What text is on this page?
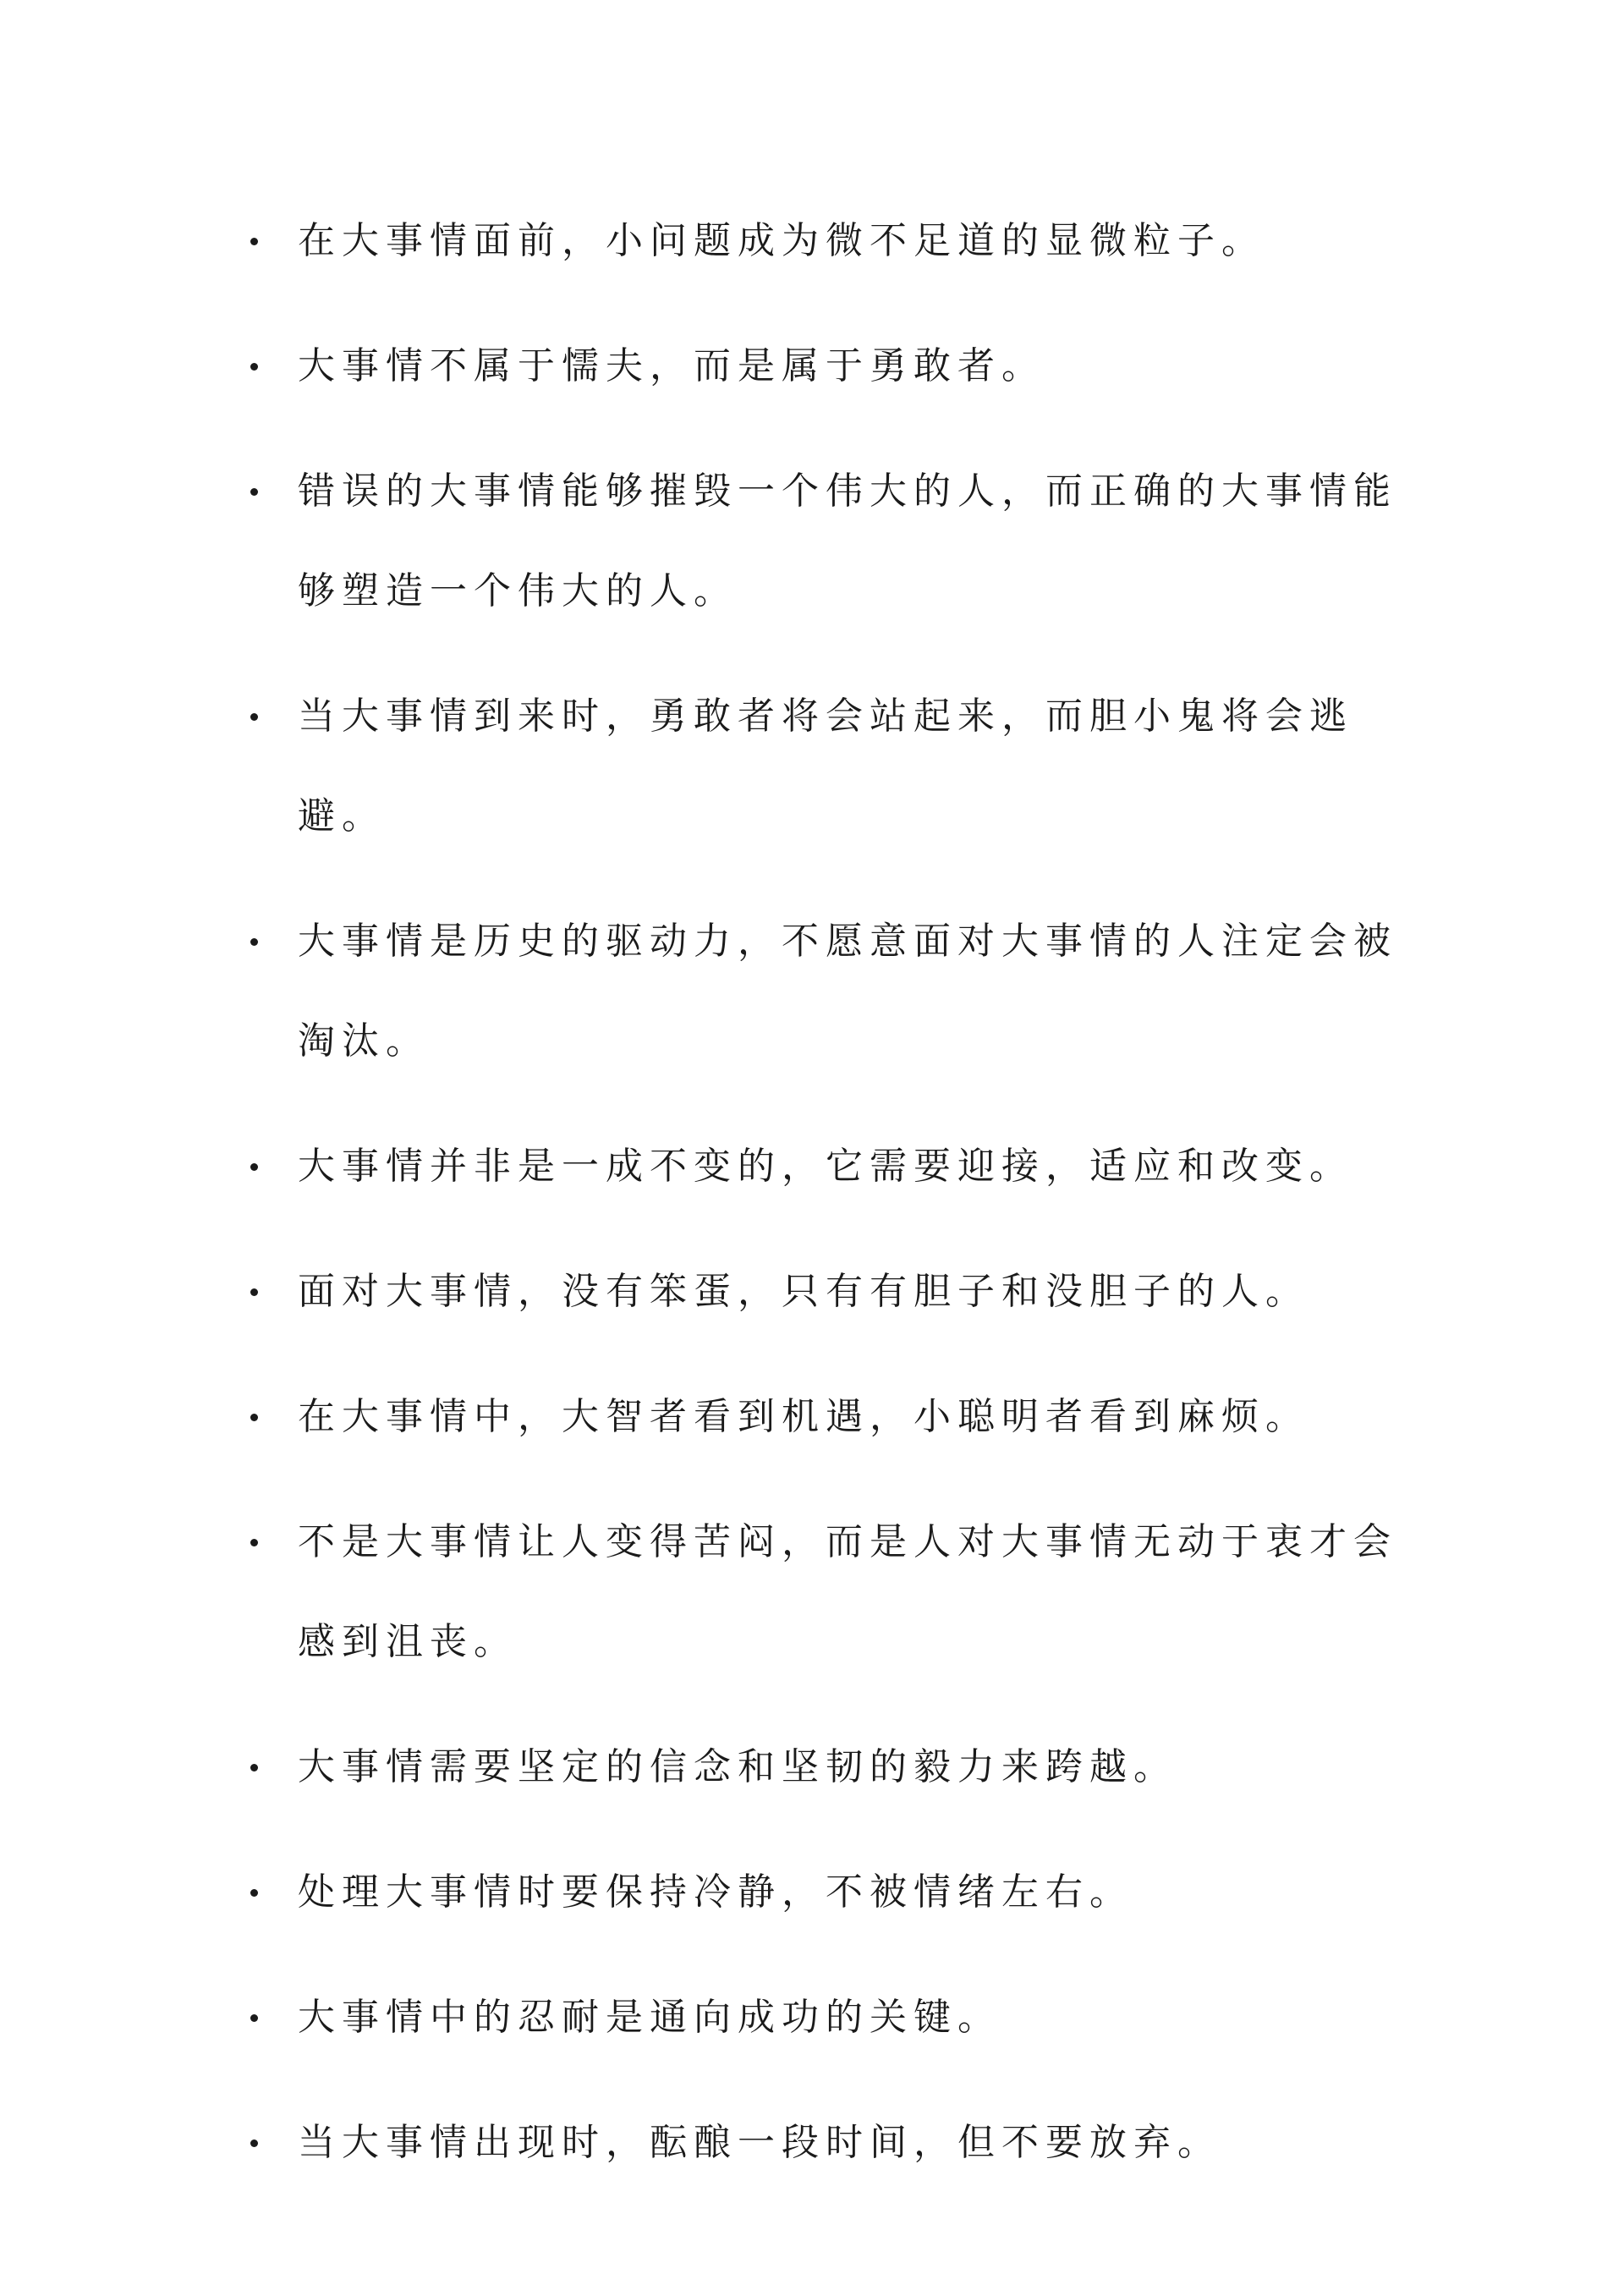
在大事情面前，小问题成为微不足道的显微粒子。
大事情不属于懦夫，而是属于勇敢者。
错误的大事情能够摧毁一个伟大的人，而正确的大事情能够塑造一个伟大的人。
当大事情到来时，勇敢者将会站起来，而胆小鬼将会逃避。
大事情是历史的驱动力，不愿意面对大事情的人注定会被淘汰。
大事情并非是一成不变的，它需要迎接，适应和改变。
面对大事情，没有笨蛋，只有有胆子和没胆子的人。
在大事情中，大智者看到机遇，小聪明者看到麻烦。
不是大事情让人变得苦闷，而是人对大事情无动于衷才会感到沮丧。
大事情需要坚定的信念和坚韧的毅力来跨越。
处理大事情时要保持冷静，不被情绪左右。
大事情中的忍耐是通向成功的关键。
当大事情出现时，酝酿一段时间，但不要放弃。
